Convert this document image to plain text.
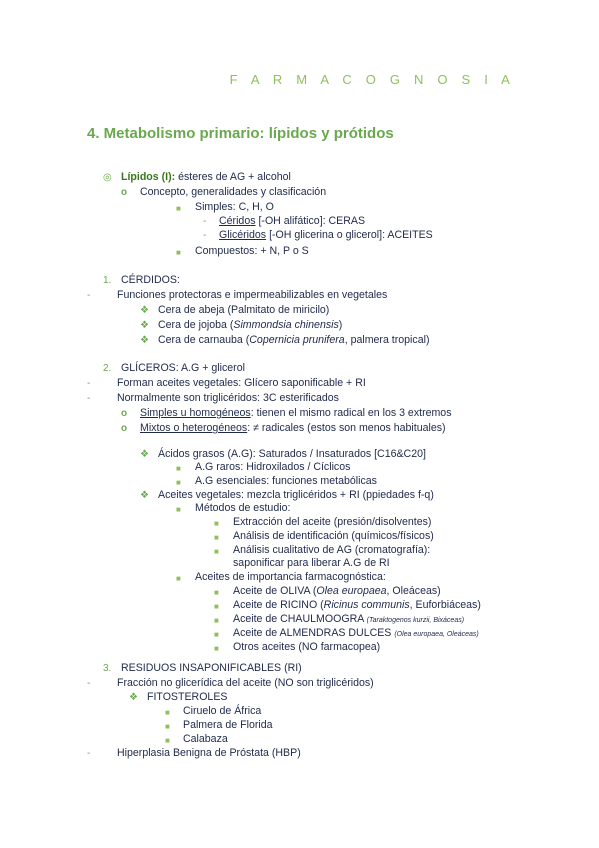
F A R M A C O G N O S I A
4. Metabolismo primario: lípidos y prótidos
◎ Lípidos (I): ésteres de AG + alcohol
o Concepto, generalidades y clasificación
■ Simples: C, H, O
- Céridos [-OH alifático]: CERAS
- Glicéridos [-OH glicerina o glicerol]: ACEITES
■ Compuestos: + N, P o S
1. CÉRDIDOS:
-	Funciones protectoras e impermeabilizables en vegetales
❖ Cera de abeja (Palmitato de miricilo)
❖ Cera de jojoba (Simmondsia chinensis)
❖ Cera de carnauba (Copernicia prunifera, palmera tropical)
2. GLÍCEROS: A.G + glicerol
-	Forman aceites vegetales: Glícero saponificable + RI
-	Normalmente son triglicéridos: 3C esterificados
o Simples u homogéneos: tienen el mismo radical en los 3 extremos
o Mixtos o heterogéneos: ≠ radicales (estos son menos habituales)
❖ Ácidos grasos (A.G): Saturados / Insaturados [C16&C20]
■ A.G raros: Hidroxilados / Cíclicos
■ A.G esenciales: funciones metabólicas
❖ Aceites vegetales: mezcla triglicéridos + RI (ppiedades f-q)
■ Métodos de estudio:
■ Extracción del aceite (presión/disolventes)
■ Análisis de identificación (químicos/físicos)
■ Análisis cualitativo de AG (cromatografía):
saponificar para liberar A.G de RI
■ Aceites de importancia farmacognóstica:
■ Aceite de OLIVA (Olea europaea, Oleáceas)
■ Aceite de RICINO (Ricinus communis, Euforbiáceas)
■ Aceite de CHAULMOOGRA (Taraktogenos kurzii, Bixáceas)
■ Aceite de ALMENDRAS DULCES (Olea europaea, Oleáceas)
■ Otros aceites (NO farmacopea)
3. RESIDUOS INSAPONIFICABLES (RI)
-	Fracción no glicerídica del aceite (NO son triglicéridos)
❖ FITOSTEROLES
■ Ciruelo de África
■ Palmera de Florida
■ Calabaza
-	Hiperplasia Benigna de Próstata (HBP)
